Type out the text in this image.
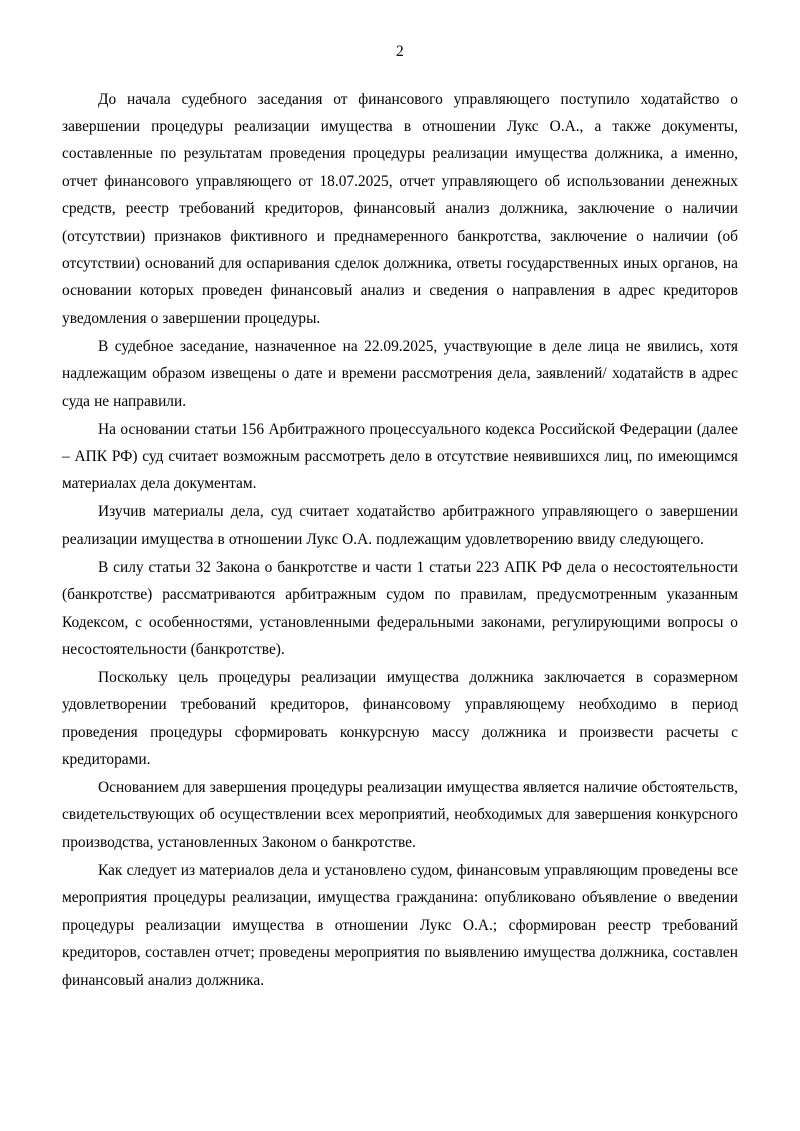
2

До начала судебного заседания от финансового управляющего поступило ходатайство о завершении процедуры реализации имущества в отношении Лукс О.А., а также документы, составленные по результатам проведения процедуры реализации имущества должника, а именно, отчет финансового управляющего от 18.07.2025, отчет управляющего об использовании денежных средств, реестр требований кредиторов, финансовый анализ должника, заключение о наличии (отсутствии) признаков фиктивного и преднамеренного банкротства, заключение о наличии (об отсутствии) оснований для оспаривания сделок должника, ответы государственных иных органов, на основании которых проведен финансовый анализ и сведения о направления в адрес кредиторов уведомления о завершении процедуры.

В судебное заседание, назначенное на 22.09.2025, участвующие в деле лица не явились, хотя надлежащим образом извещены о дате и времени рассмотрения дела, заявлений/ ходатайств в адрес суда не направили.

На основании статьи 156 Арбитражного процессуального кодекса Российской Федерации (далее – АПК РФ) суд считает возможным рассмотреть дело в отсутствие неявившихся лиц, по имеющимся материалах дела документам.

Изучив материалы дела, суд считает ходатайство арбитражного управляющего о завершении реализации имущества в отношении Лукс О.А. подлежащим удовлетворению ввиду следующего.

В силу статьи 32 Закона о банкротстве и части 1 статьи 223 АПК РФ дела о несостоятельности (банкротстве) рассматриваются арбитражным судом по правилам, предусмотренным указанным Кодексом, с особенностями, установленными федеральными законами, регулирующими вопросы о несостоятельности (банкротстве).

Поскольку цель процедуры реализации имущества должника заключается в соразмерном удовлетворении требований кредиторов, финансовому управляющему необходимо в период проведения процедуры сформировать конкурсную массу должника и произвести расчеты с кредиторами.

Основанием для завершения процедуры реализации имущества является наличие обстоятельств, свидетельствующих об осуществлении всех мероприятий, необходимых для завершения конкурсного производства, установленных Законом о банкротстве.

Как следует из материалов дела и установлено судом, финансовым управляющим проведены все мероприятия процедуры реализации, имущества гражданина: опубликовано объявление о введении процедуры реализации имущества в отношении Лукс О.А.; сформирован реестр требований кредиторов, составлен отчет; проведены мероприятия по выявлению имущества должника, составлен финансовый анализ должника.
